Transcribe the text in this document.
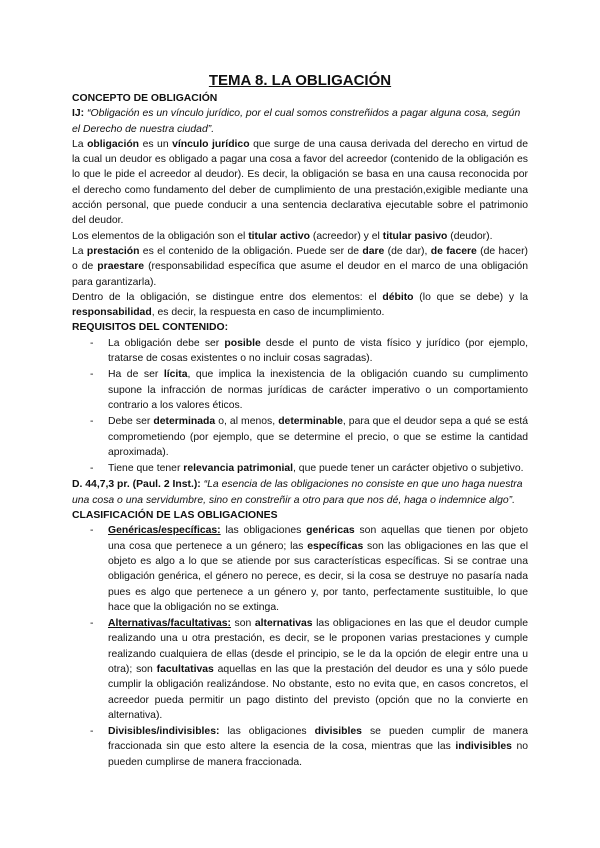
TEMA 8. LA OBLIGACIÓN
CONCEPTO DE OBLIGACIÓN
IJ: “Obligación es un vínculo jurídico, por el cual somos constreñidos a pagar alguna cosa, según el Derecho de nuestra ciudad”.

La obligación es un vínculo jurídico que surge de una causa derivada del derecho en virtud de la cual un deudor es obligado a pagar una cosa a favor del acreedor (contenido de la obligación es lo que le pide el acreedor al deudor). Es decir, la obligación se basa en una causa reconocida por el derecho como fundamento del deber de cumplimiento de una prestación,exigible mediante una acción personal, que puede conducir a una sentencia declarativa ejecutable sobre el patrimonio del deudor.

Los elementos de la obligación son el titular activo (acreedor) y el titular pasivo (deudor).

La prestación es el contenido de la obligación. Puede ser de dare (de dar), de facere (de hacer) o de praestare (responsabilidad específica que asume el deudor en el marco de una obligación para garantizarla).

Dentro de la obligación, se distingue entre dos elementos: el débito (lo que se debe) y la responsabilidad, es decir, la respuesta en caso de incumplimiento.

REQUISITOS DEL CONTENIDO:
- La obligación debe ser posible desde el punto de vista físico y jurídico (por ejemplo, tratarse de cosas existentes o no incluir cosas sagradas).
- Ha de ser lícita, que implica la inexistencia de la obligación cuando su cumplimento supone la infracción de normas jurídicas de carácter imperativo o un comportamiento contrario a los valores éticos.
- Debe ser determinada o, al menos, determinable, para que el deudor sepa a qué se está comprometiendo (por ejemplo, que se determine el precio, o que se estime la cantidad aproximada).
- Tiene que tener relevancia patrimonial, que puede tener un carácter objetivo o subjetivo.
D. 44,7,3 pr. (Paul. 2 Inst.): “La esencia de las obligaciones no consiste en que uno haga nuestra una cosa o una servidumbre, sino en constreñir a otro para que nos dé, haga o indemnice algo”.
CLASIFICACIÓN DE LAS OBLIGACIONES
- Genéricas/específicas: las obligaciones genéricas son aquellas que tienen por objeto una cosa que pertenece a un género; las específicas son las obligaciones en las que el objeto es algo a lo que se atiende por sus características específicas. Si se contrae una obligación genérica, el género no perece, es decir, si la cosa se destruye no pasaría nada pues es algo que pertenece a un género y, por tanto, perfectamente sustituible, lo que hace que la obligación no se extinga.
- Alternativas/facultativas: son alternativas las obligaciones en las que el deudor cumple realizando una u otra prestación, es decir, se le proponen varias prestaciones y cumple realizando cualquiera de ellas (desde el principio, se le da la opción de elegir entre una u otra); son facultativas aquellas en las que la prestación del deudor es una y sólo puede cumplir la obligación realizándose. No obstante, esto no evita que, en casos concretos, el acreedor pueda permitir un pago distinto del previsto (opción que no la convierte en alternativa).
- Divisibles/indivisibles: las obligaciones divisibles se pueden cumplir de manera fraccionada sin que esto altere la esencia de la cosa, mientras que las indivisibles no pueden cumplirse de manera fraccionada.
